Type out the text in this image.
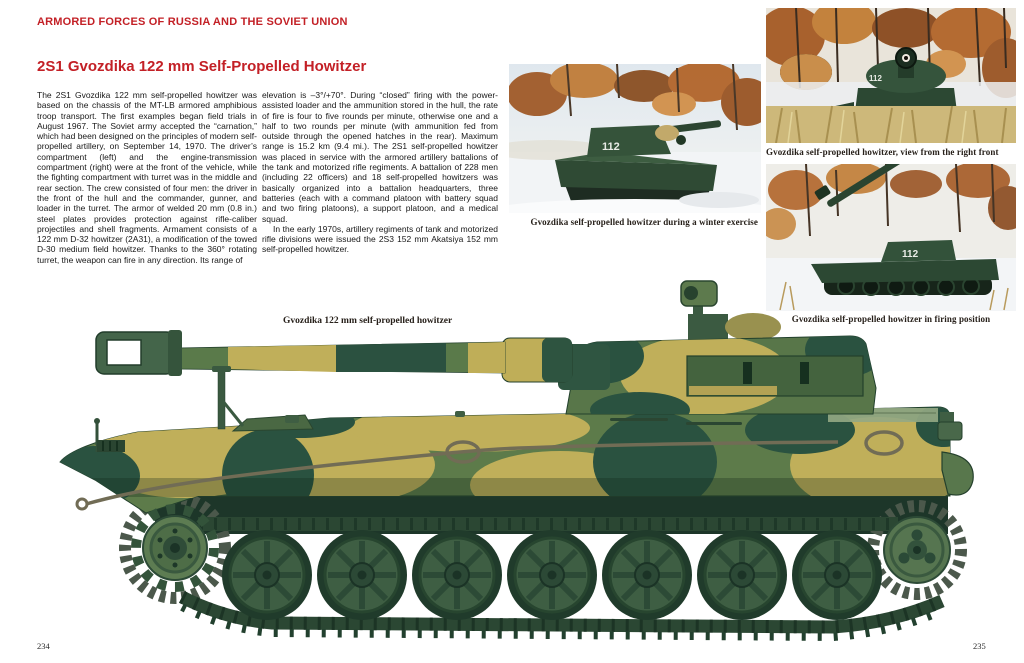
ARMORED FORCES OF RUSSIA AND THE SOVIET UNION
2S1 Gvozdika 122 mm Self-Propelled Howitzer

The 2S1 Gvozdika 122 mm self-propelled howitzer was based on the chassis of the MT-LB armored amphibious troop transport. The first examples began field trials in August 1967. The Soviet army accepted the “carnation,” which had been designed on the principles of modern self-propelled artillery, on September 14, 1970. The driver’s compartment (left) and the engine-transmission compartment (right) were at the front of the vehicle, while the fighting compartment with turret was in the middle and rear section. The crew consisted of four men: the driver in the front of the hull and the commander, gunner, and loader in the turret. The armor of welded 20 mm (0.8 in.) steel plates provides protection against rifle-caliber projectiles and shell fragments. Armament consists of a 122 mm D-32 howitzer (2A31), a modification of the towed D-30 medium field howitzer. Thanks to the 360° rotating turret, the weapon can fire in any direction. Its range of

elevation is –3°/+70°. During “closed” firing with the power-assisted loader and the ammunition stored in the hull, the rate of fire is four to five rounds per minute, otherwise one and a half to two rounds per minute (with ammunition fed from outside through the opened hatches in the rear). Maximum range is 15.2 km (9.4 mi.). The 2S1 self-propelled howitzer was placed in service with the armored artillery battalions of the tank and motorized rifle regiments. A battalion of 228 men (including 22 officers) and 18 self-propelled howitzers was basically organized into a battalion headquarters, three batteries (each with a command platoon with battery squad and two firing platoons), a support platoon, and a medical squad.

In the early 1970s, artillery regiments of tank and motorized rifle divisions were issued the 2S3 152 mm Akatsiya 152 mm self-propelled howitzer.

112
Gvozdika self-propelled howitzer during a winter exercise
112
Gvozdika self-propelled howitzer, view from the right front
112
Gvozdika self-propelled howitzer in firing position
Gvozdika 122 mm self-propelled howitzer
234	235
